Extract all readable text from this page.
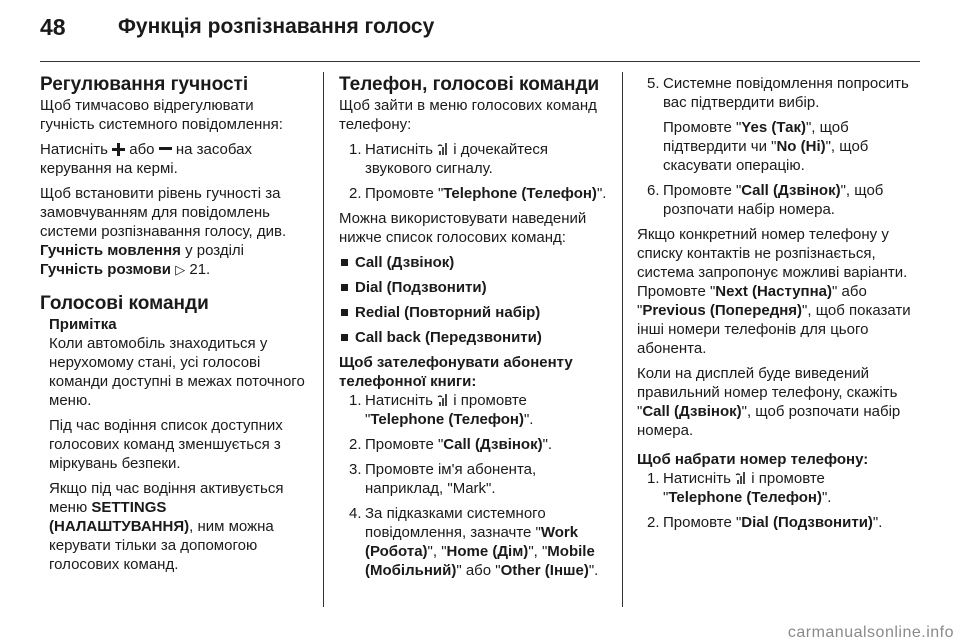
48 Функція розпізнавання голосу
Регулювання гучності

Щоб тимчасово відрегулювати гучність системного повідомлення:

Натисніть або на засобах керування на кермі.

Щоб встановити рівень гучності за замовчуванням для повідомлень системи розпізнавання голосу, див. Гучність мовлення у розділі Гучність розмови ▷ 21.

Голосові команди
Примітка

Коли автомобіль знаходиться у нерухомому стані, усі голосові команди доступні в межах поточного меню.

Під час водіння список доступних голосових команд зменшується з міркувань безпеки.

Якщо під час водіння активується меню SETTINGS (НАЛАШТУВАННЯ), ним можна керувати тільки за допомогою голосових команд.

Телефон, голосові команди

Щоб зайти в меню голосових команд телефону:

1. Натисніть і дочекайтеся звукового сигналу.
2. Промовте "Telephone (Телефон)".

Можна використовувати наведений нижче список голосових команд:

Call (Дзвінок)
Dial (Подзвонити)
Redial (Повторний набір)
Call back (Передзвонити)
Щоб зателефонувати абоненту телефонної книги:
1. Натисніть і промовте
"Telephone (Телефон)".
2. Промовте "Call (Дзвінок)".
3. Промовте ім'я абонента, наприклад, "Mark".
4. За підказками системного повідомлення, зазначте "Work (Робота)", "Home (Дім)", "Mobile (Мобільний)" або "Other (Інше)".
5. Системне повідомлення попросить вас підтвердити вибір.
Промовте "Yes (Так)", щоб підтвердити чи "No (Ні)", щоб скасувати операцію.
6. Промовте "Call (Дзвінок)", щоб розпочати набір номера.

Якщо конкретний номер телефону у списку контактів не розпізнається, система запропонує можливі варіанти. Промовте "Next (Наступна)" або "Previous (Попередня)", щоб показати інші номери телефонів для цього абонента.

Коли на дисплей буде виведений правильний номер телефону, скажіть "Call (Дзвінок)", щоб розпочати набір номера.

Щоб набрати номер телефону:
1. Натисніть і промовте
"Telephone (Телефон)".
2. Промовте "Dial (Подзвонити)".
carmanualsonline.info
